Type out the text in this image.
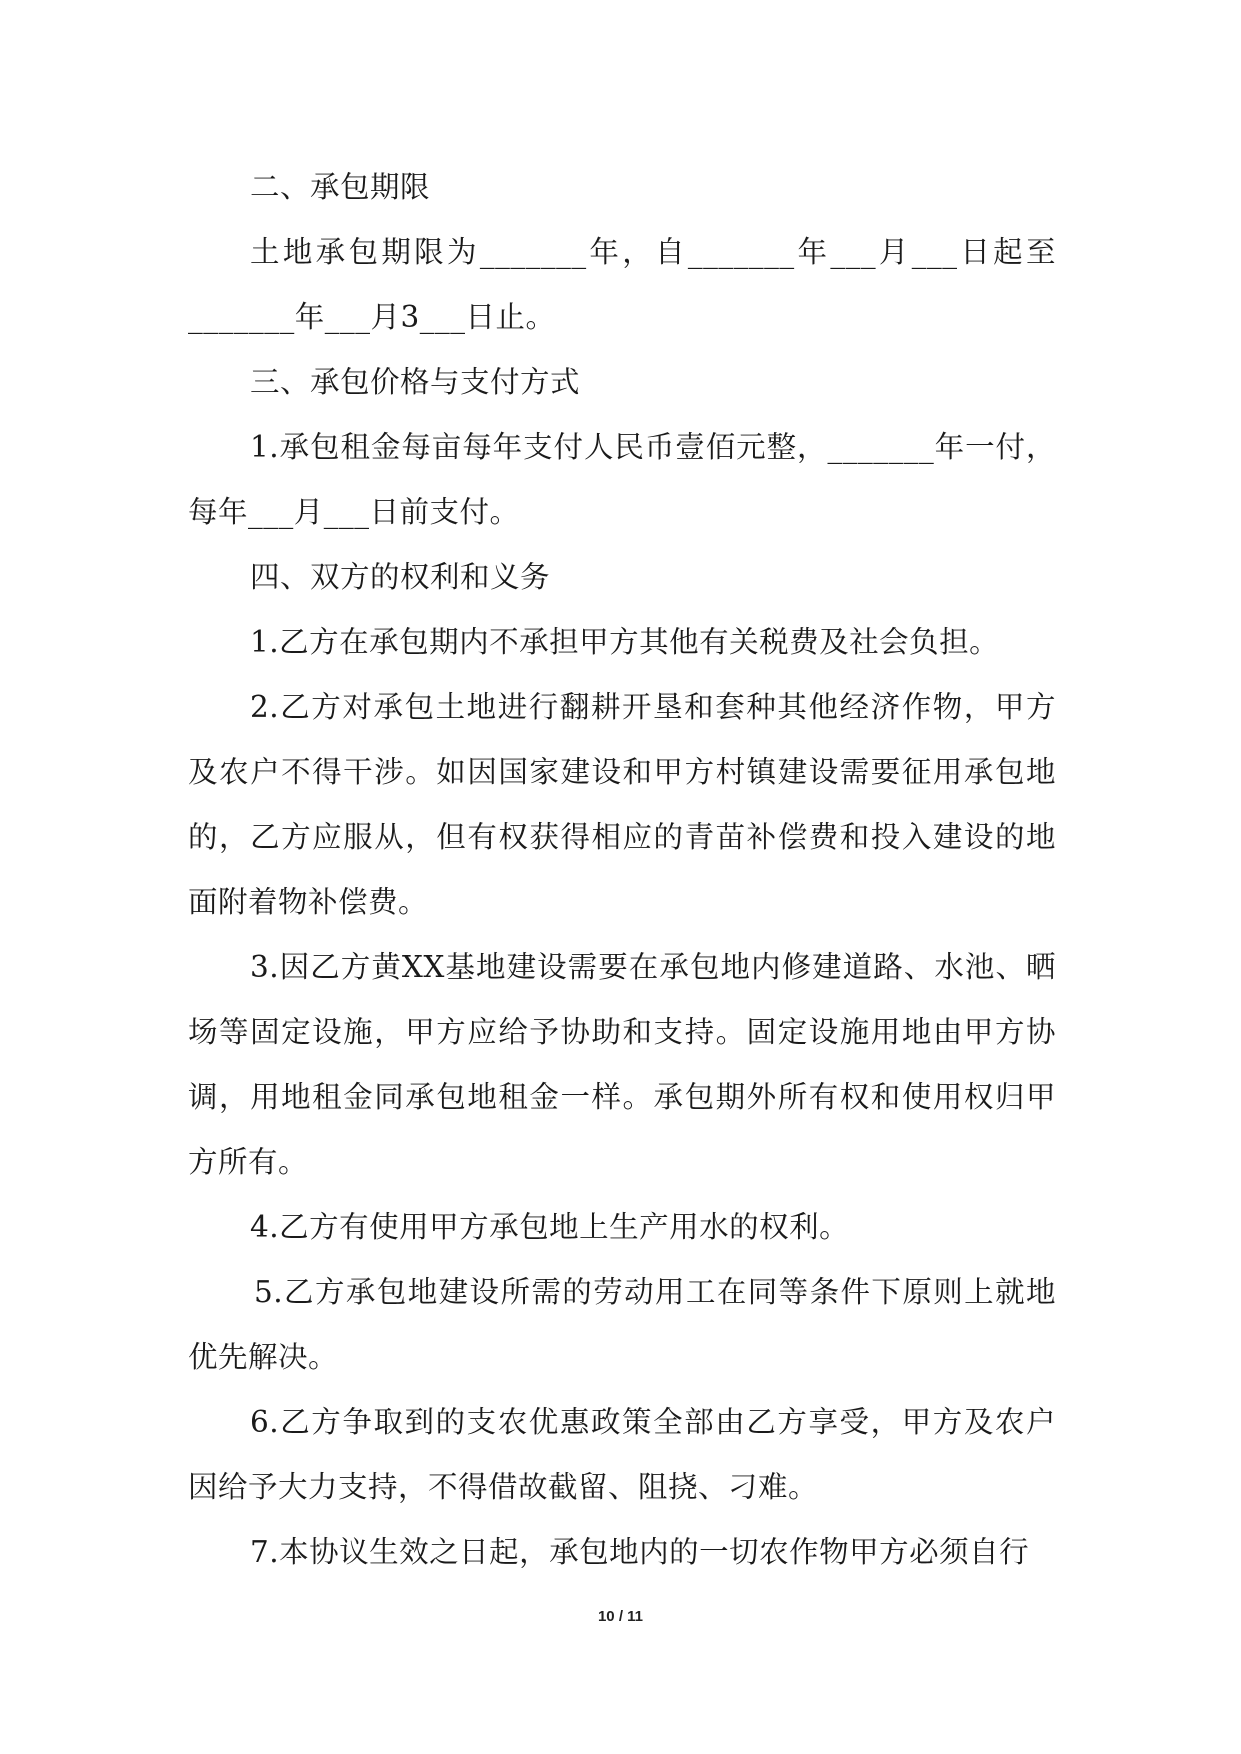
二、承包期限

土地承包期限为_______年，自_______年___月___日起至_______年___月3___日止。

三、承包价格与支付方式

1.承包租金每亩每年支付人民币壹佰元整，_______年一付，每年___月___日前支付。

四、双方的权利和义务

1.乙方在承包期内不承担甲方其他有关税费及社会负担。

2.乙方对承包土地进行翻耕开垦和套种其他经济作物，甲方及农户不得干涉。如因国家建设和甲方村镇建设需要征用承包地的，乙方应服从，但有权获得相应的青苗补偿费和投入建设的地面附着物补偿费。

3.因乙方黄XX基地建设需要在承包地内修建道路、水池、晒场等固定设施，甲方应给予协助和支持。固定设施用地由甲方协调，用地租金同承包地租金一样。承包期外所有权和使用权归甲方所有。

4.乙方有使用甲方承包地上生产用水的权利。

5.乙方承包地建设所需的劳动用工在同等条件下原则上就地优先解决。

6.乙方争取到的支农优惠政策全部由乙方享受，甲方及农户因给予大力支持，不得借故截留、阻挠、刁难。

7.本协议生效之日起，承包地内的一切农作物甲方必须自行

10 / 11
